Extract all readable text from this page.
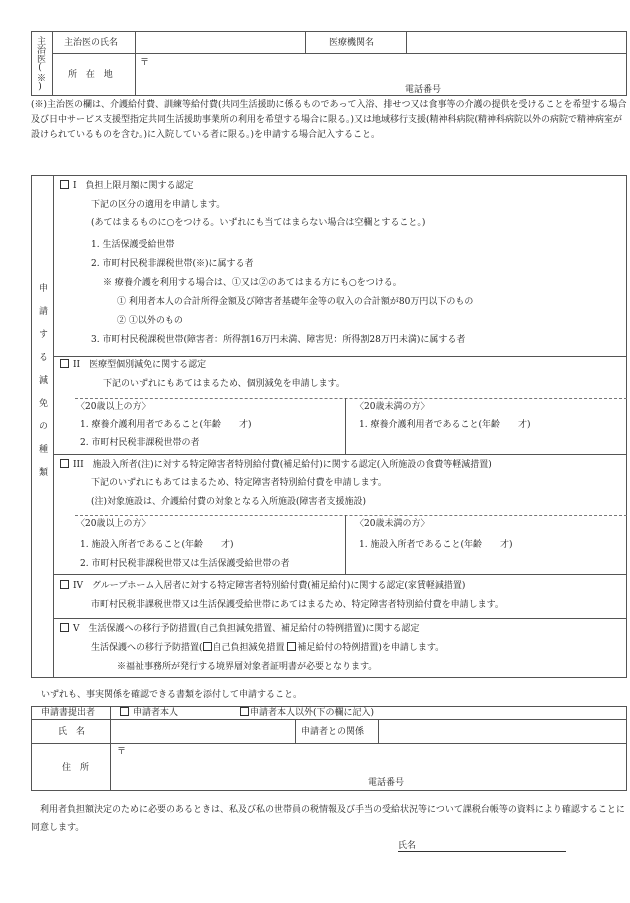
主治医(※) 主治医の氏名	医療機関名
所 在 地
〒
電話番号
(※)主治医の欄は、介護給付費、訓練等給付費(共同生活援助に係るものであって入浴、排せつ又は食事等の介護の提供を受けることを希望する場合及び日中サービス支援型指定共同生活援助事業所の利用を希望する場合に限る。)又は地域移行支援(精神科病院(精神科病院以外の病院で精神病室が設けられているものを含む。)に入院している者に限る。)を申請する場合記入すること。
申請する減免の種類
I　負担上限月額に関する認定
下記の区分の適用を申請します。
(あてはまるものに○をつける。いずれにも当てはまらない場合は空欄とすること。)
1. 生活保護受給世帯
2. 市町村民税非課税世帯(※)に属する者
※ 療養介護を利用する場合は、①又は②のあてはまる方にも○をつける。
① 利用者本人の合計所得金額及び障害者基礎年金等の収入の合計額が80万円以下のもの
② ①以外のもの
3. 市町村民税課税世帯(障害者：所得割16万円未満、障害児：所得割28万円未満)に属する者
II　医療型個別減免に関する認定
下記のいずれにもあてはまるため、個別減免を申請します。
〈20歳以上の方〉
1. 療養介護利用者であること(年齢　　才)
2. 市町村民税非課税世帯の者
〈20歳未満の方〉
1. 療養介護利用者であること(年齢　　才)
III　施設入所者(注)に対する特定障害者特別給付費(補足給付)に関する認定(入所施設の食費等軽減措置)
下記のいずれにもあてはまるため、特定障害者特別給付費を申請します。
(注)対象施設は、介護給付費の対象となる入所施設(障害者支援施設)
〈20歳以上の方〉
1. 施設入所者であること(年齢　　才)
2. 市町村民税非課税世帯又は生活保護受給世帯の者
〈20歳未満の方〉
1. 施設入所者であること(年齢　　才)
IV　グループホーム入居者に対する特定障害者特別給付費(補足給付)に関する認定(家賃軽減措置)
市町村民税非課税世帯又は生活保護受給世帯にあてはまるため、特定障害者特別給付費を申請します。
V　生活保護への移行予防措置(自己負担減免措置、補足給付の特例措置)に関する認定
生活保護への移行予防措置( 自己負担減免措置 補足給付の特例措置)を申請します。
※福祉事務所が発行する境界層対象者証明書が必要となります。
いずれも、事実関係を確認できる書類を添付して申請すること。
申請書提出者	申請者本人	申請者本人以外(下の欄に記入)
氏　名	申請者との関係
住　所
〒
電話番号
利用者負担額決定のために必要のあるときは、私及び私の世帯員の税情報及び手当の受給状況等について課税台帳等の資料により確認することに同意します。
氏名
